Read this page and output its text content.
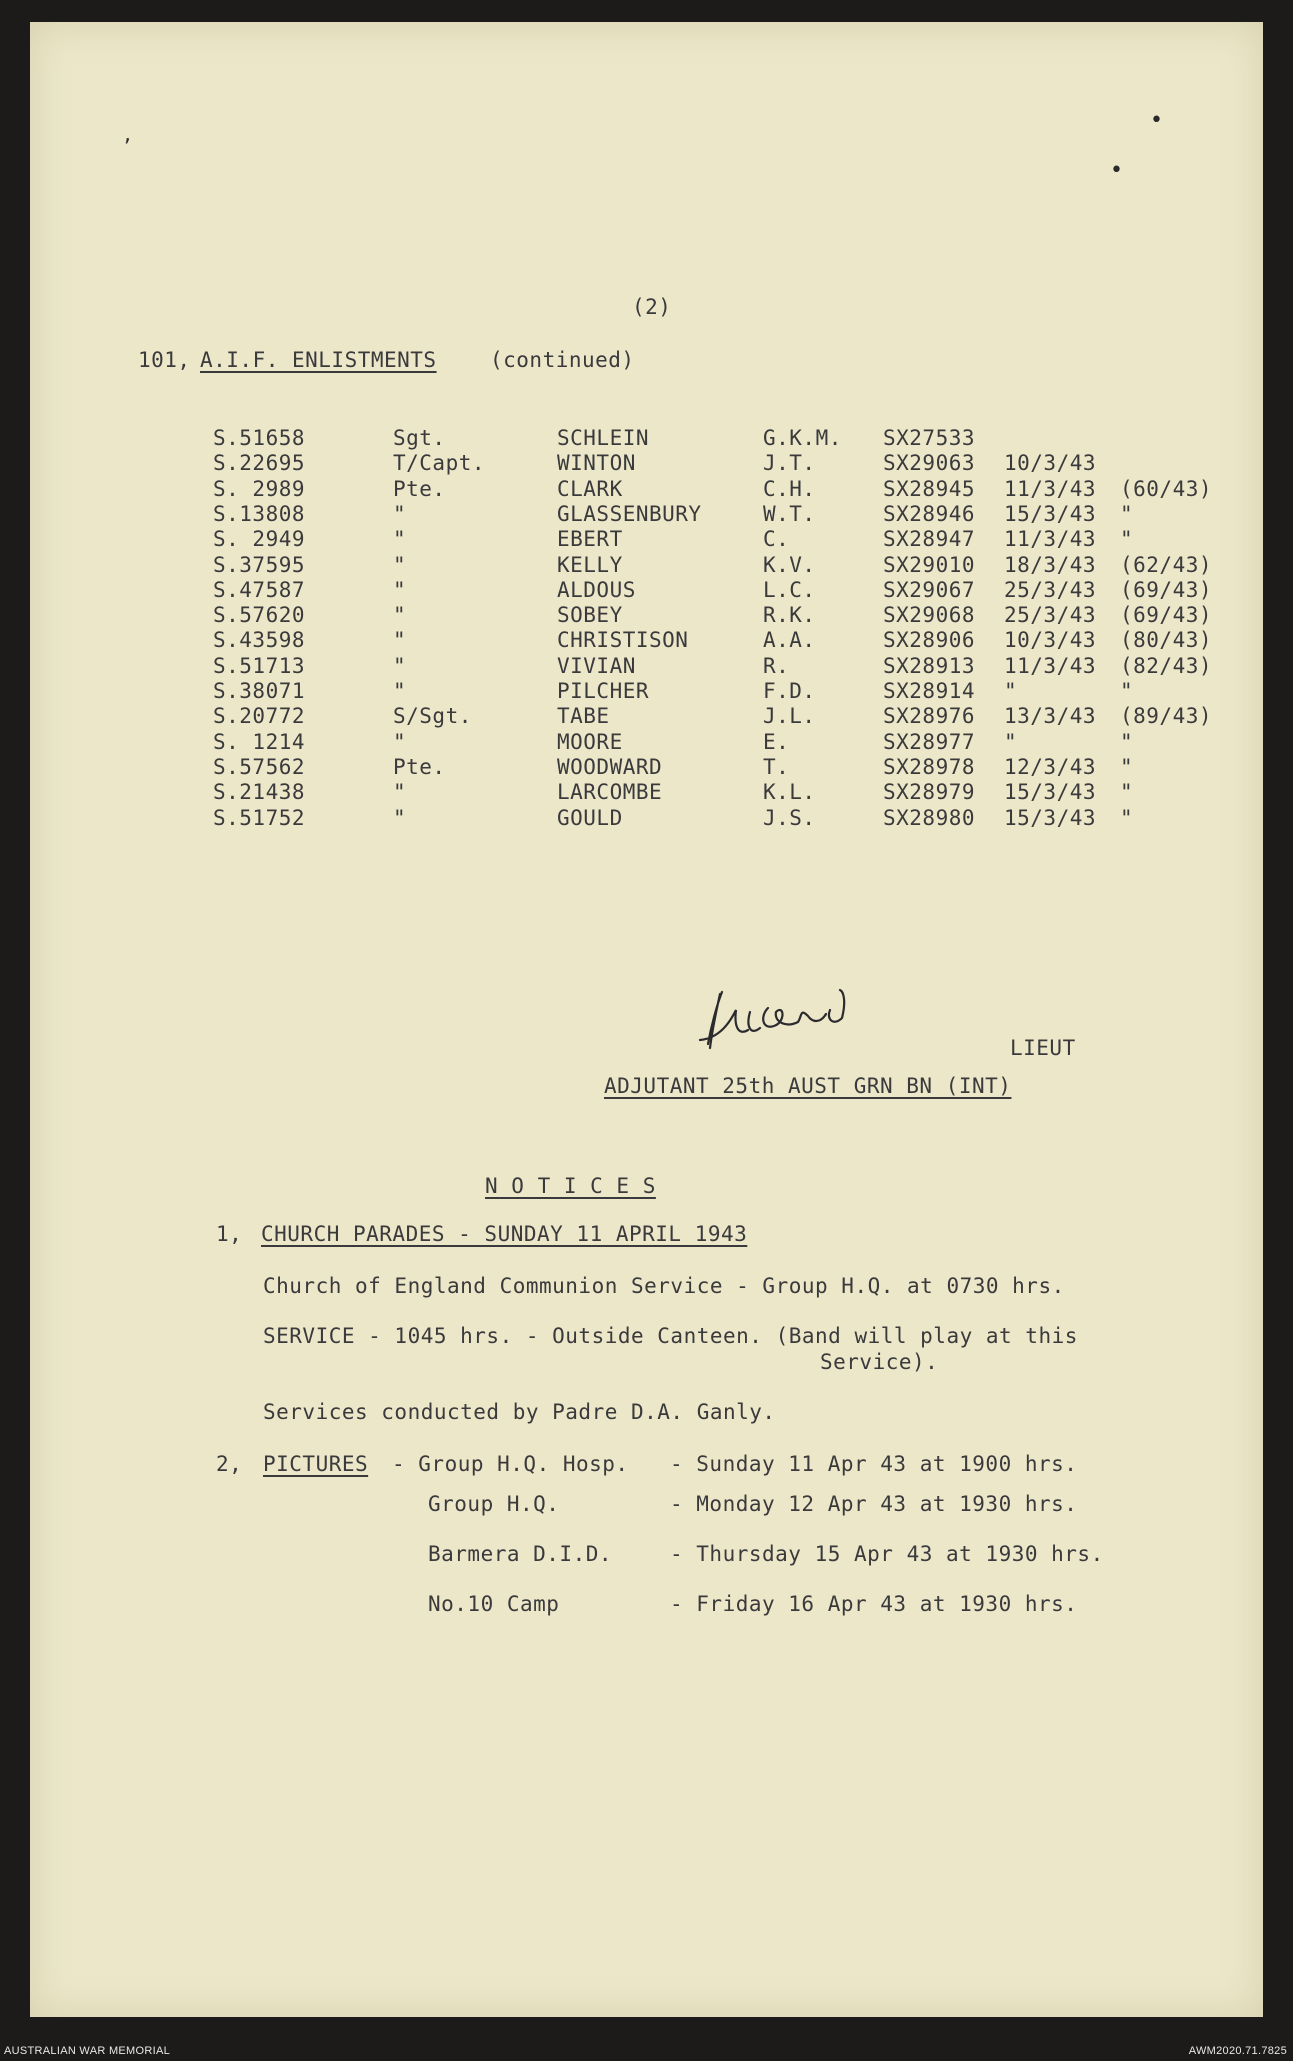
(2)
101, A.I.F. ENLISTMENTS	(continued)
S.51658	Sgt.	SCHLEIN	G.K.M. SX27533
S.22695	T/Capt.	WINTON	J.T.	SX29063 10/3/43
S. 2989	Pte.	CLARK	C.H.	SX28945 11/3/43 (60/43)
S.13808	"	GLASSENBURY	W.T.	SX28946 15/3/43 "
S. 2949	"	EBERT	C.	SX28947 11/3/43 "
S.37595	"	KELLY	K.V.	SX29010 18/3/43 (62/43)
S.47587	"	ALDOUS	L.C.	SX29067 25/3/43 (69/43)
S.57620	"	SOBEY	R.K.	SX29068 25/3/43 (69/43)
S.43598	"	CHRISTISON	A.A.	SX28906 10/3/43 (80/43)
S.51713	"	VIVIAN	R.	SX28913 11/3/43 (82/43)
S.38071	"	PILCHER	F.D.	SX28914 "	"
S.20772	S/Sgt.	TABE	J.L.	SX28976 13/3/43 (89/43)
S. 1214	"	MOORE	E.	SX28977 "	"
S.57562	Pte.	WOODWARD	T.	SX28978 12/3/43 "
S.21438	"	LARCOMBE	K.L.	SX28979 15/3/43 "
S.51752	"	GOULD	J.S.	SX28980 15/3/43 "
LIEUT
ADJUTANT 25th AUST GRN BN (INT)
N O T I C E S
1, CHURCH PARADES - SUNDAY 11 APRIL 1943
Church of England Communion Service - Group H.Q. at 0730 hrs.
SERVICE - 1045 hrs. - Outside Canteen. (Band will play at this
Service).
Services conducted by Padre D.A. Ganly.
2, PICTURES - Group H.Q. Hosp. - Sunday 11 Apr 43 at 1900 hrs.
Group H.Q.	- Monday 12 Apr 43 at 1930 hrs.
Barmera D.I.D.	- Thursday 15 Apr 43 at 1930 hrs.
No.10 Camp	- Friday 16 Apr 43 at 1930 hrs.
,
•
•
AUSTRALIAN WAR MEMORIAL	AWM2020.71.7825
